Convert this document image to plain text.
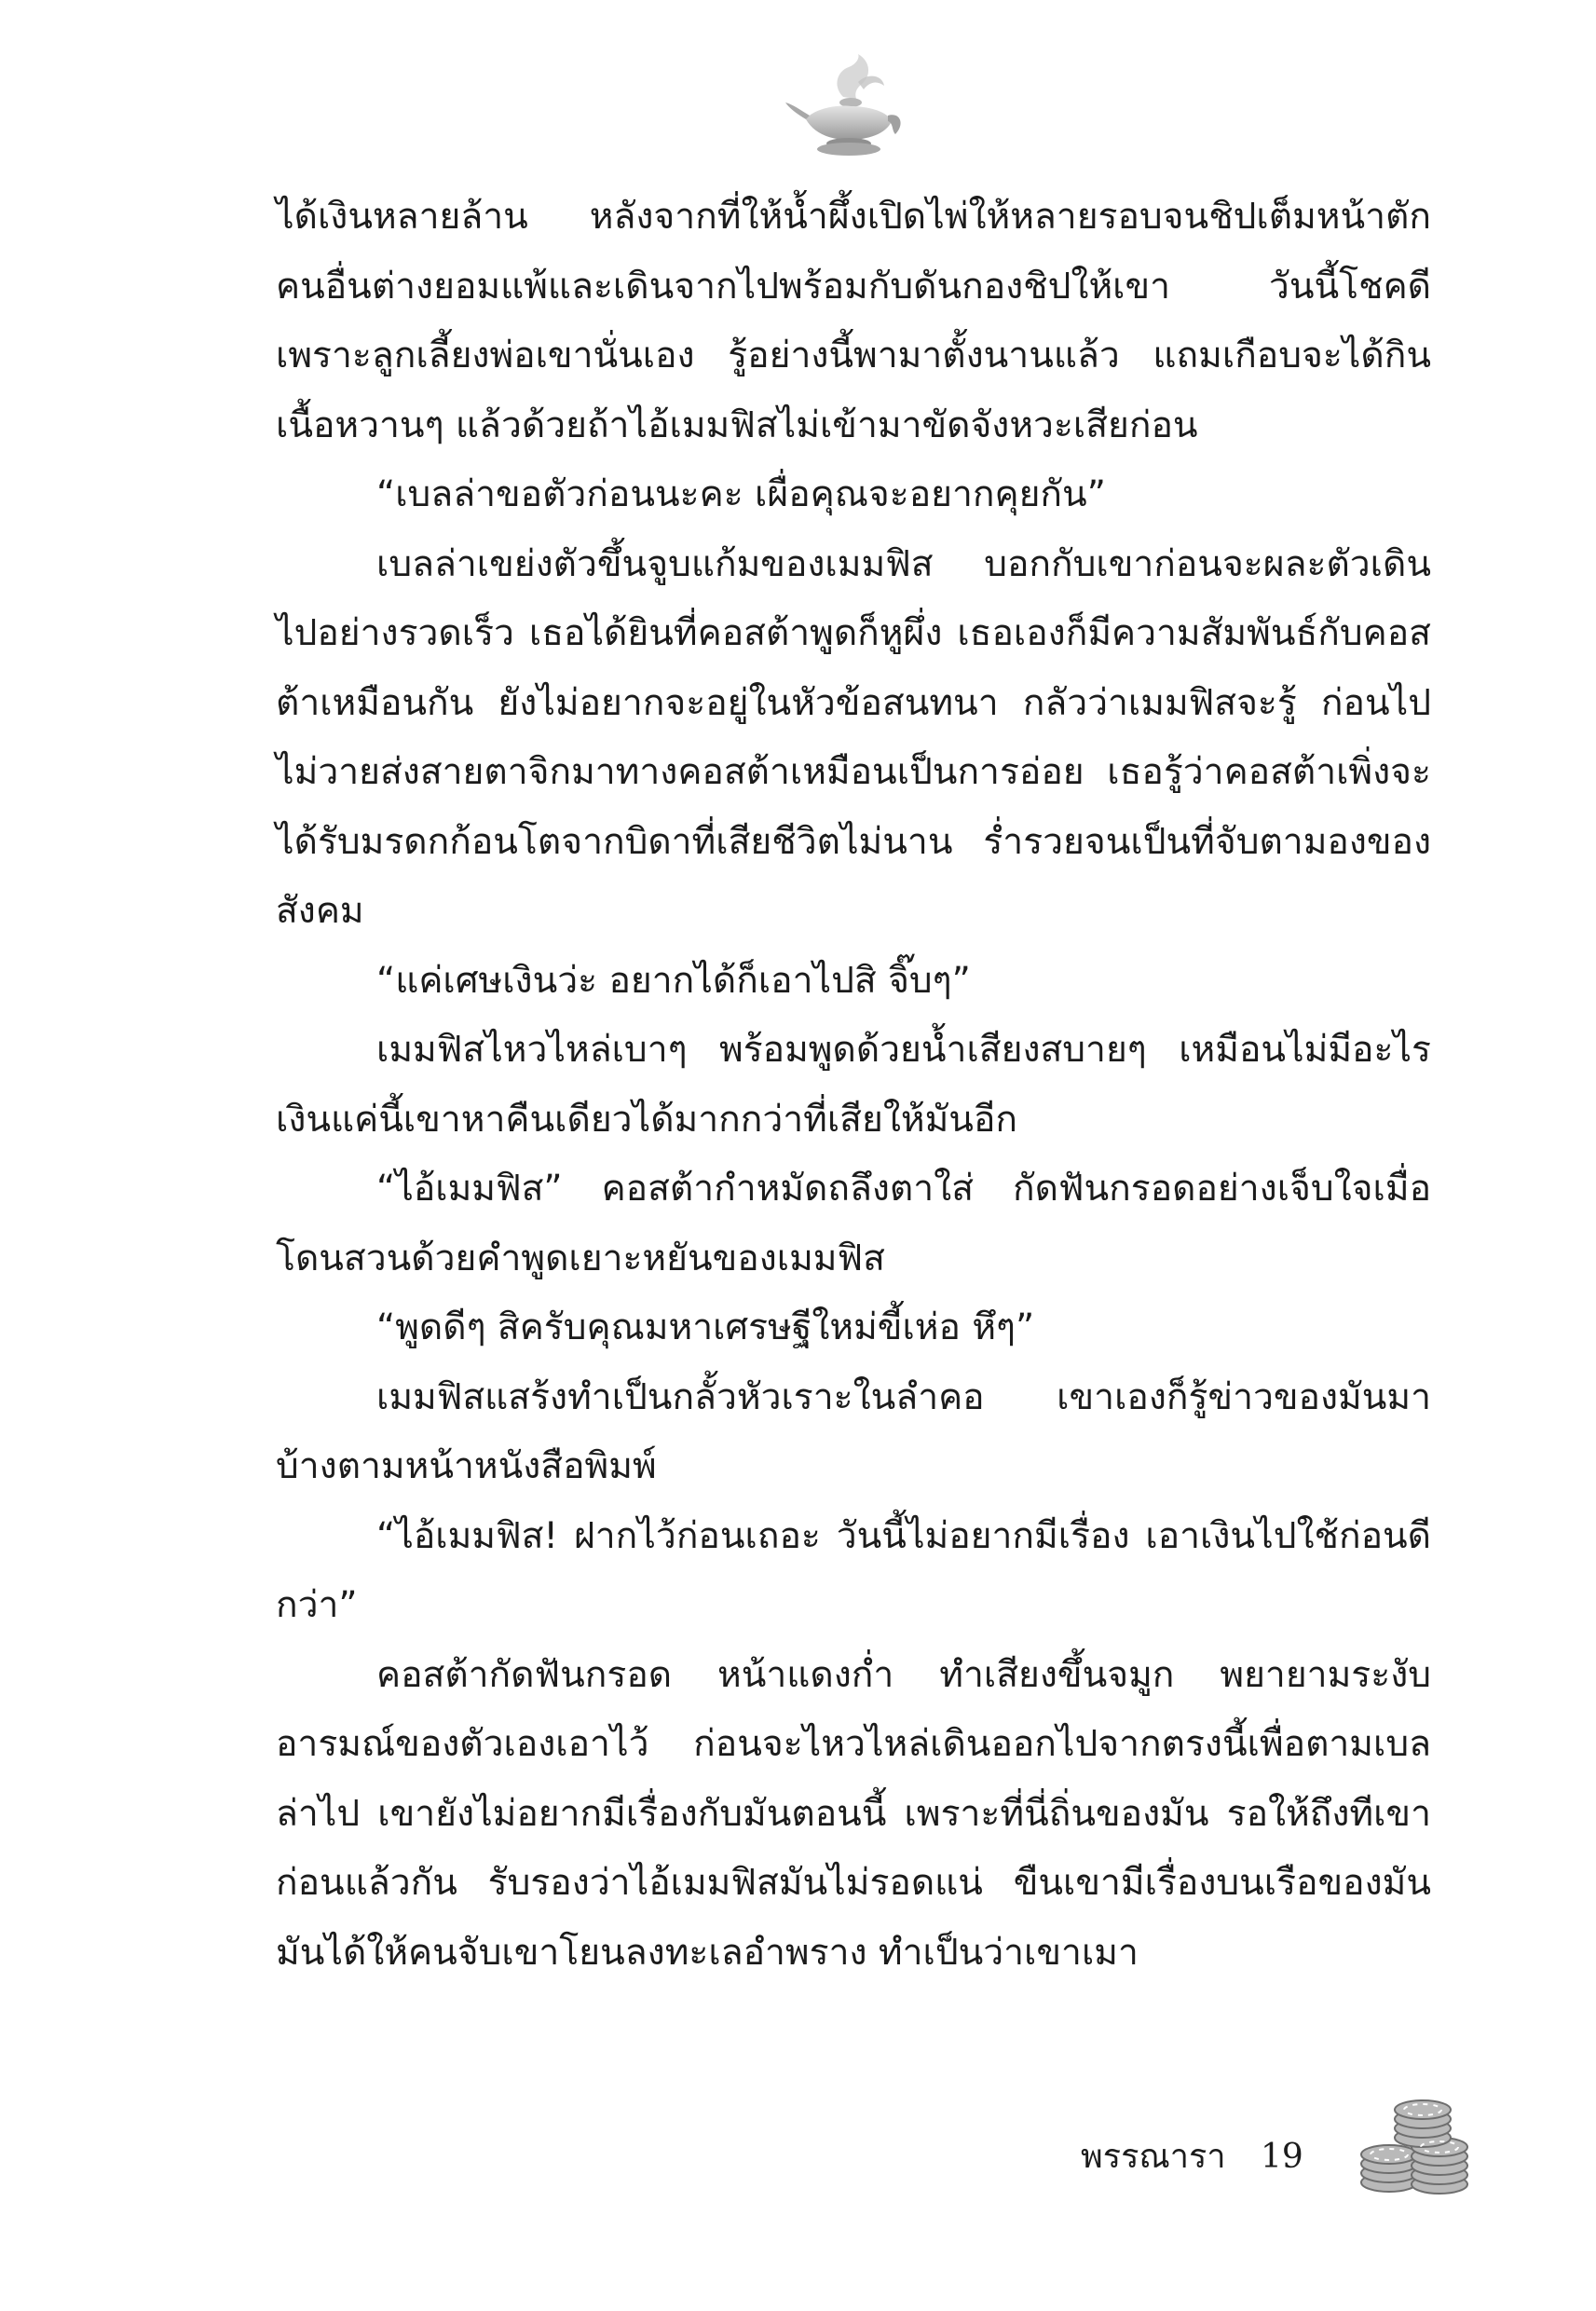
ได้เงินหลายล้าน หลังจากที่ให้น้ำผึ้งเปิดไพ่ให้หลายรอบจนชิปเต็มหน้าตัก คนอื่นต่างยอมแพ้และเดินจากไปพร้อมกับดันกองชิปให้เขา วันนี้โชคดีเพราะลูกเลี้ยงพ่อเขานั่นเอง รู้อย่างนี้พามาตั้งนานแล้ว แถมเกือบจะได้กินเนื้อหวานๆ แล้วด้วยถ้าไอ้เมมฟิสไม่เข้ามาขัดจังหวะเสียก่อน

“เบลล่าขอตัวก่อนนะคะ เผื่อคุณจะอยากคุยกัน”

เบลล่าเขย่งตัวขึ้นจูบแก้มของเมมฟิส บอกกับเขาก่อนจะผละตัวเดินไปอย่างรวดเร็ว เธอได้ยินที่คอสต้าพูดก็หูผึ่ง เธอเองก็มีความสัมพันธ์กับคอสต้าเหมือนกัน ยังไม่อยากจะอยู่ในหัวข้อสนทนา กลัวว่าเมมฟิสจะรู้ ก่อนไปไม่วายส่งสายตาจิกมาทางคอสต้าเหมือนเป็นการอ่อย เธอรู้ว่าคอสต้าเพิ่งจะได้รับมรดกก้อนโตจากบิดาที่เสียชีวิตไม่นาน ร่ำรวยจนเป็นที่จับตามองของสังคม

“แค่เศษเงินว่ะ อยากได้ก็เอาไปสิ จิ๊บๆ”

เมมฟิสไหวไหล่เบาๆ พร้อมพูดด้วยน้ำเสียงสบายๆ เหมือนไม่มีอะไร เงินแค่นี้เขาหาคืนเดียวได้มากกว่าที่เสียให้มันอีก

“ไอ้เมมฟิส” คอสต้ากำหมัดถลึงตาใส่ กัดฟันกรอดอย่างเจ็บใจเมื่อโดนสวนด้วยคำพูดเยาะหยันของเมมฟิส

“พูดดีๆ สิครับคุณมหาเศรษฐีใหม่ขี้เห่อ หึๆ”

เมมฟิสแสร้งทำเป็นกลั้วหัวเราะในลำคอ เขาเองก็รู้ข่าวของมันมาบ้างตามหน้าหนังสือพิมพ์

“ไอ้เมมฟิส! ฝากไว้ก่อนเถอะ วันนี้ไม่อยากมีเรื่อง เอาเงินไปใช้ก่อนดีกว่า”

คอสต้ากัดฟันกรอด หน้าแดงก่ำ ทำเสียงขึ้นจมูก พยายามระงับอารมณ์ของตัวเองเอาไว้ ก่อนจะไหวไหล่เดินออกไปจากตรงนี้เพื่อตามเบลล่าไป เขายังไม่อยากมีเรื่องกับมันตอนนี้ เพราะที่นี่ถิ่นของมัน รอให้ถึงทีเขาก่อนแล้วกัน รับรองว่าไอ้เมมฟิสมันไม่รอดแน่ ขืนเขามีเรื่องบนเรือของมัน มันได้ให้คนจับเขาโยนลงทะเลอำพราง ทำเป็นว่าเขาเมา

พรรณารา 19
